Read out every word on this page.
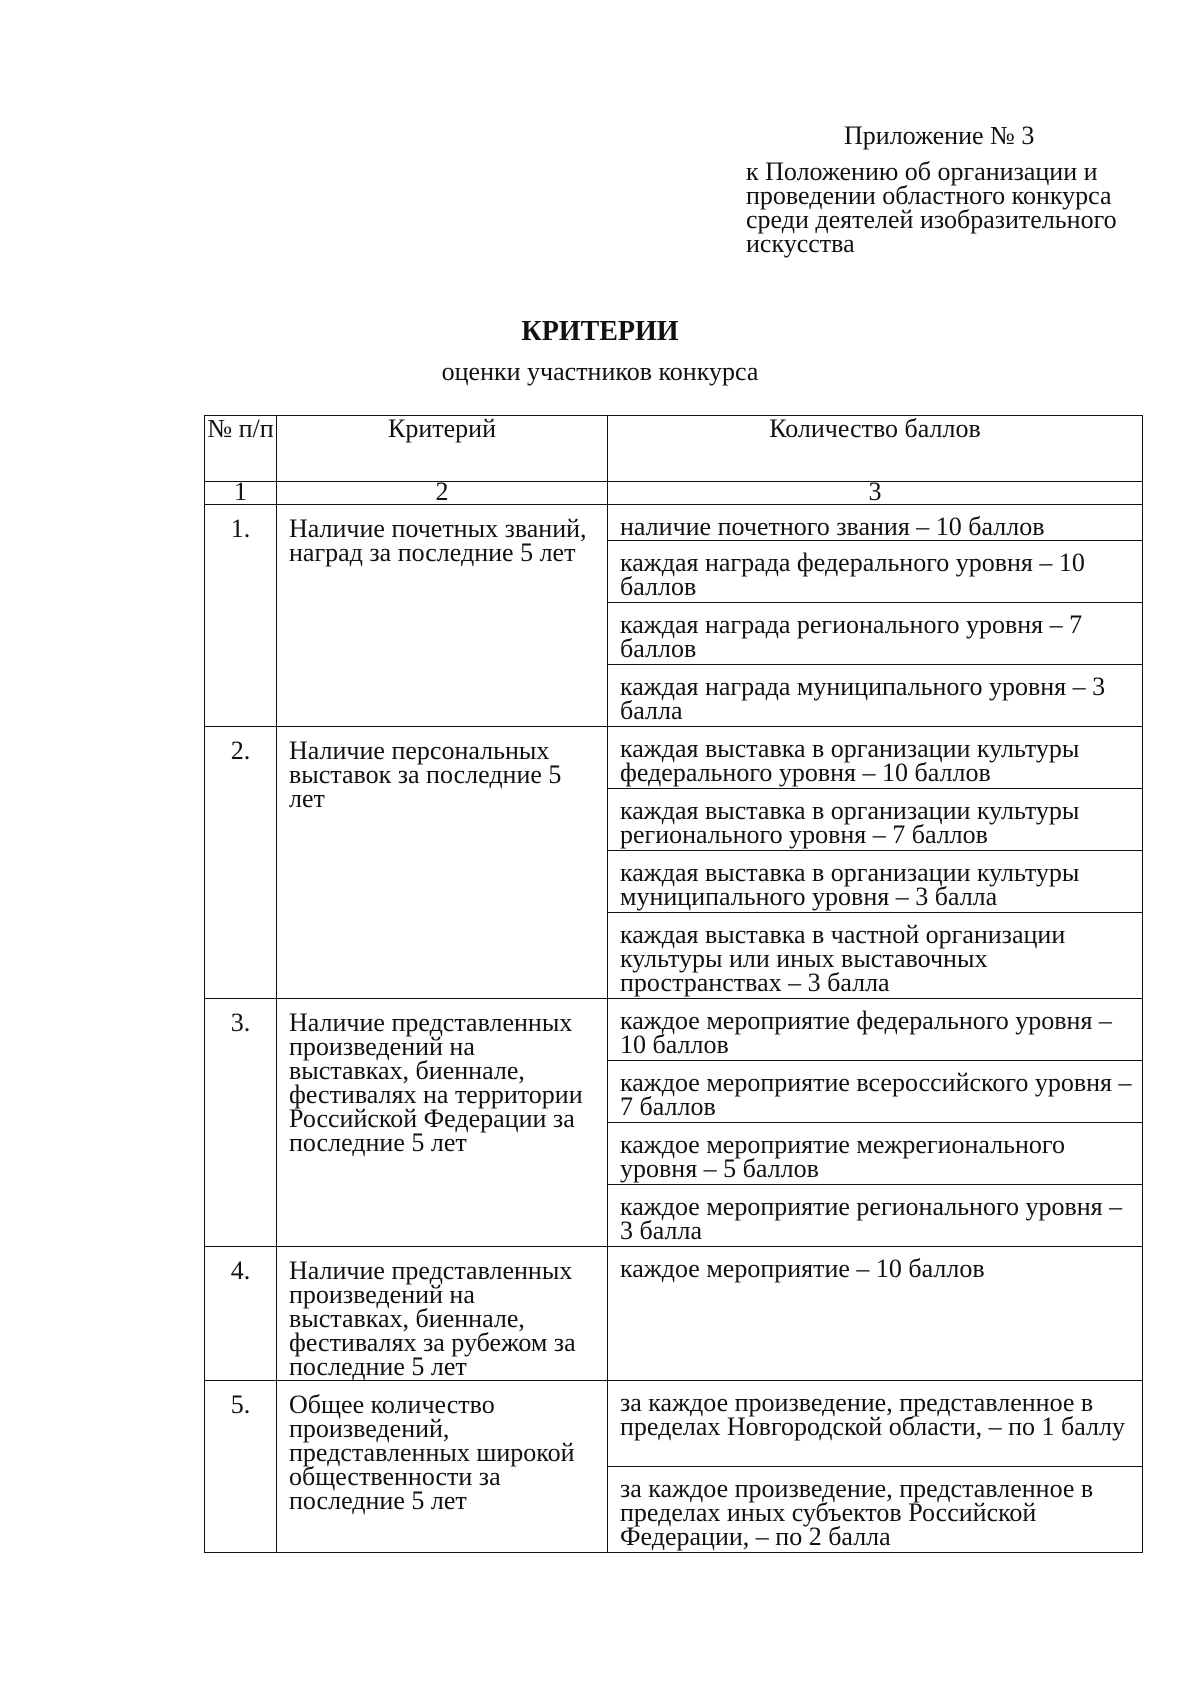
Приложение № 3
к Положению об организации и
проведении областного конкурса
среди деятелей изобразительного
искусства
КРИТЕРИИ
оценки участников конкурса
№ п/п	Критерий	Количество баллов
1	2	3
1.	Наличие почетных званий, наград за последние 5 лет	наличие почетного звания – 10 баллов
		каждая награда федерального уровня – 10 баллов
		каждая награда регионального уровня – 7 баллов
		каждая награда муниципального уровня – 3 балла
2.	Наличие персональных выставок за последние 5 лет	каждая выставка в организации культуры федерального уровня – 10 баллов
		каждая выставка в организации культуры регионального уровня – 7 баллов
		каждая выставка в организации культуры муниципального уровня – 3 балла
		каждая выставка в частной организации культуры или иных выставочных пространствах – 3 балла
3.	Наличие представленных произведений на выставках, биеннале, фестивалях на территории Российской Федерации за последние 5 лет	каждое мероприятие федерального уровня – 10 баллов
		каждое мероприятие всероссийского уровня – 7 баллов
		каждое мероприятие межрегионального уровня – 5 баллов
		каждое мероприятие регионального уровня – 3 балла
4.	Наличие представленных произведений на выставках, биеннале, фестивалях за рубежом за последние 5 лет	каждое мероприятие – 10 баллов
5.	Общее количество произведений, представленных широкой общественности за последние 5 лет	за каждое произведение, представленное в пределах Новгородской области, – по 1 баллу
		за каждое произведение, представленное в пределах иных субъектов Российской Федерации, – по 2 балла
